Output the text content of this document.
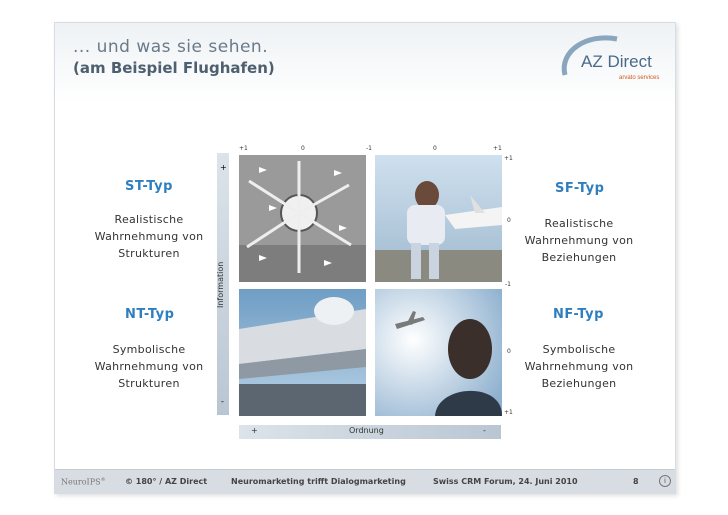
... und was sie sehen.
(am Beispiel Flughafen)	AZ Direct
arvato services
+1	0	-1	0	+1
+1
0
-1
0
+1
+
-
Information
+	Ordnung	-
ST-Typ
Realistische
Wahrnehmung von
Strukturen
NT-Typ
Symbolische
Wahrnehmung von
Strukturen
SF-Typ
Realistische
Wahrnehmung von
Beziehungen
NF-Typ
Symbolische
Wahrnehmung von
Beziehungen
NeuroIPS® © 180° / AZ Direct	Neuromarketing trifft Dialogmarketing	Swiss CRM Forum, 24. Juni 2010	8	i
